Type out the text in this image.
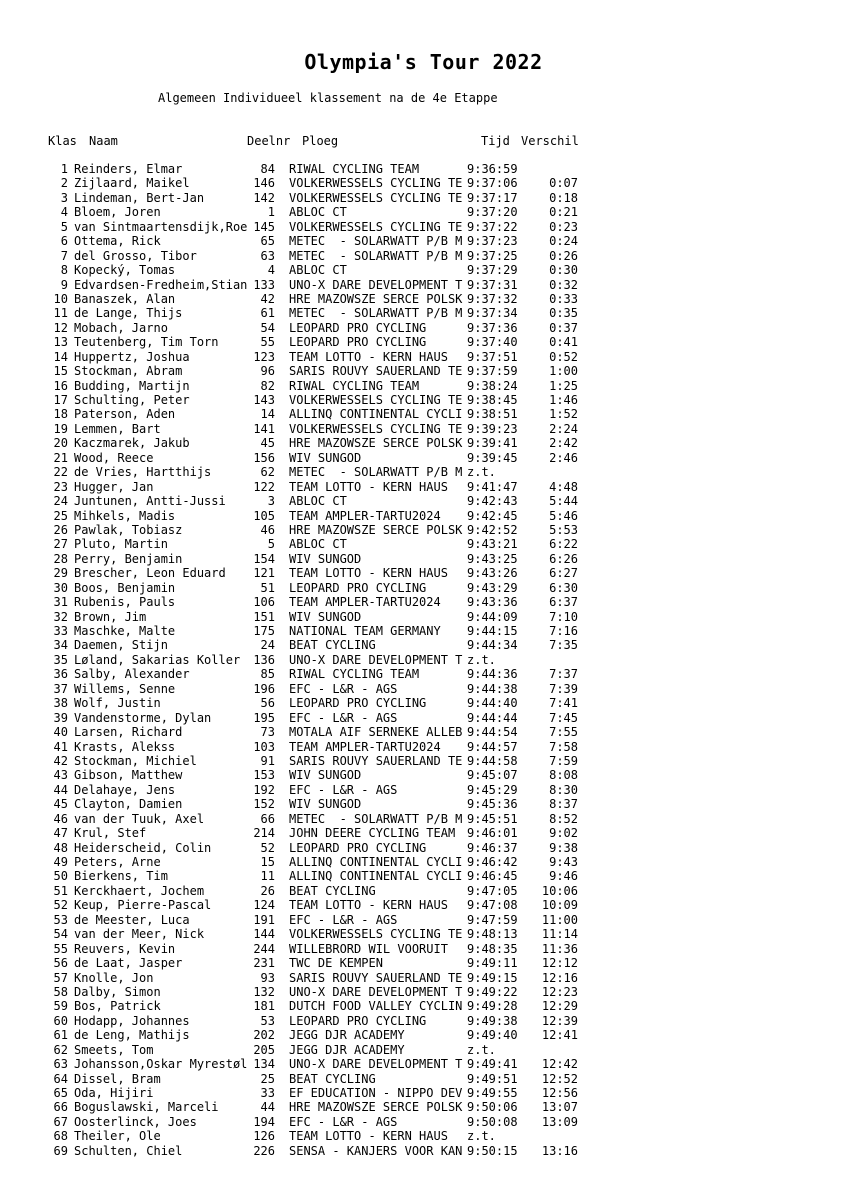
Olympia's Tour 2022
Algemeen Individueel klassement na de 4e Etappe
Klas Naam	Deelnr Ploeg	Tijd Verschil
1 Reinders, Elmar	84 RIWAL CYCLING TEAM	9:36:59
2 Zijlaard, Maikel	146 VOLKERWESSELS CYCLING TE 9:37:06	0:07
3 Lindeman, Bert-Jan	142 VOLKERWESSELS CYCLING TE 9:37:17	0:18
4 Bloem, Joren	1 ABLOC CT	9:37:20	0:21
5 van Sintmaartensdijk,Roe 145 VOLKERWESSELS CYCLING TE 9:37:22	0:23
6 Ottema, Rick	65 METEC  - SOLARWATT P/B M 9:37:23	0:24
7 del Grosso, Tibor	63 METEC  - SOLARWATT P/B M 9:37:25	0:26
8 Kopecký, Tomas	4 ABLOC CT	9:37:29	0:30
9 Edvardsen-Fredheim,Stian 133 UNO-X DARE DEVELOPMENT T 9:37:31	0:32
10 Banaszek, Alan	42 HRE MAZOWSZE SERCE POLSK 9:37:32	0:33
11 de Lange, Thijs	61 METEC  - SOLARWATT P/B M 9:37:34	0:35
12 Mobach, Jarno	54 LEOPARD PRO CYCLING	9:37:36	0:37
13 Teutenberg, Tim Torn	55 LEOPARD PRO CYCLING	9:37:40	0:41
14 Huppertz, Joshua	123 TEAM LOTTO - KERN HAUS 9:37:51	0:52
15 Stockman, Abram	96 SARIS ROUVY SAUERLAND TE 9:37:59	1:00
16 Budding, Martijn	82 RIWAL CYCLING TEAM	9:38:24	1:25
17 Schulting, Peter	143 VOLKERWESSELS CYCLING TE 9:38:45	1:46
18 Paterson, Aden	14 ALLINQ CONTINENTAL CYCLI 9:38:51	1:52
19 Lemmen, Bart	141 VOLKERWESSELS CYCLING TE 9:39:23	2:24
20 Kaczmarek, Jakub	45 HRE MAZOWSZE SERCE POLSK 9:39:41	2:42
21 Wood, Reece	156 WIV SUNGOD	9:39:45	2:46
22 de Vries, Hartthijs	62 METEC  - SOLARWATT P/B M z.t.
23 Hugger, Jan	122 TEAM LOTTO - KERN HAUS 9:41:47	4:48
24 Juntunen, Antti-Jussi	3 ABLOC CT	9:42:43	5:44
25 Mihkels, Madis	105 TEAM AMPLER-TARTU2024 9:42:45	5:46
26 Pawlak, Tobiasz	46 HRE MAZOWSZE SERCE POLSK 9:42:52	5:53
27 Pluto, Martin	5 ABLOC CT	9:43:21	6:22
28 Perry, Benjamin	154 WIV SUNGOD	9:43:25	6:26
29 Brescher, Leon Eduard	121 TEAM LOTTO - KERN HAUS 9:43:26	6:27
30 Boos, Benjamin	51 LEOPARD PRO CYCLING	9:43:29	6:30
31 Rubenis, Pauls	106 TEAM AMPLER-TARTU2024 9:43:36	6:37
32 Brown, Jim	151 WIV SUNGOD	9:44:09	7:10
33 Maschke, Malte	175 NATIONAL TEAM GERMANY 9:44:15	7:16
34 Daemen, Stijn	24 BEAT CYCLING	9:44:34	7:35
35 Løland, Sakarias Koller	136 UNO-X DARE DEVELOPMENT T z.t.
36 Salby, Alexander	85 RIWAL CYCLING TEAM	9:44:36	7:37
37 Willems, Senne	196 EFC - L&R - AGS	9:44:38	7:39
38 Wolf, Justin	56 LEOPARD PRO CYCLING	9:44:40	7:41
39 Vandenstorme, Dylan	195 EFC - L&R - AGS	9:44:44	7:45
40 Larsen, Richard	73 MOTALA AIF SERNEKE ALLEB 9:44:54	7:55
41 Krasts, Alekss	103 TEAM AMPLER-TARTU2024 9:44:57	7:58
42 Stockman, Michiel	91 SARIS ROUVY SAUERLAND TE 9:44:58	7:59
43 Gibson, Matthew	153 WIV SUNGOD	9:45:07	8:08
44 Delahaye, Jens	192 EFC - L&R - AGS	9:45:29	8:30
45 Clayton, Damien	152 WIV SUNGOD	9:45:36	8:37
46 van der Tuuk, Axel	66 METEC  - SOLARWATT P/B M 9:45:51	8:52
47 Krul, Stef	214 JOHN DEERE CYCLING TEAM 9:46:01	9:02
48 Heiderscheid, Colin	52 LEOPARD PRO CYCLING	9:46:37	9:38
49 Peters, Arne	15 ALLINQ CONTINENTAL CYCLI 9:46:42	9:43
50 Bierkens, Tim	11 ALLINQ CONTINENTAL CYCLI 9:46:45	9:46
51 Kerckhaert, Jochem	26 BEAT CYCLING	9:47:05	10:06
52 Keup, Pierre-Pascal	124 TEAM LOTTO - KERN HAUS 9:47:08	10:09
53 de Meester, Luca	191 EFC - L&R - AGS	9:47:59	11:00
54 van der Meer, Nick	144 VOLKERWESSELS CYCLING TE 9:48:13	11:14
55 Reuvers, Kevin	244 WILLEBRORD WIL VOORUIT 9:48:35	11:36
56 de Laat, Jasper	231 TWC DE KEMPEN	9:49:11	12:12
57 Knolle, Jon	93 SARIS ROUVY SAUERLAND TE 9:49:15	12:16
58 Dalby, Simon	132 UNO-X DARE DEVELOPMENT T 9:49:22	12:23
59 Bos, Patrick	181 DUTCH FOOD VALLEY CYCLIN 9:49:28	12:29
60 Hodapp, Johannes	53 LEOPARD PRO CYCLING	9:49:38	12:39
61 de Leng, Mathijs	202 JEGG DJR ACADEMY	9:49:40	12:41
62 Smeets, Tom	205 JEGG DJR ACADEMY	z.t.
63 Johansson,Oskar Myrestøl 134 UNO-X DARE DEVELOPMENT T 9:49:41	12:42
64 Dissel, Bram	25 BEAT CYCLING	9:49:51	12:52
65 Oda, Hijiri	33 EF EDUCATION - NIPPO DEV 9:49:55	12:56
66 Boguslawski, Marceli	44 HRE MAZOWSZE SERCE POLSK 9:50:06	13:07
67 Oosterlinck, Joes	194 EFC - L&R - AGS	9:50:08	13:09
68 Theiler, Ole	126 TEAM LOTTO - KERN HAUS z.t.
69 Schulten, Chiel	226 SENSA - KANJERS VOOR KAN 9:50:15	13:16
